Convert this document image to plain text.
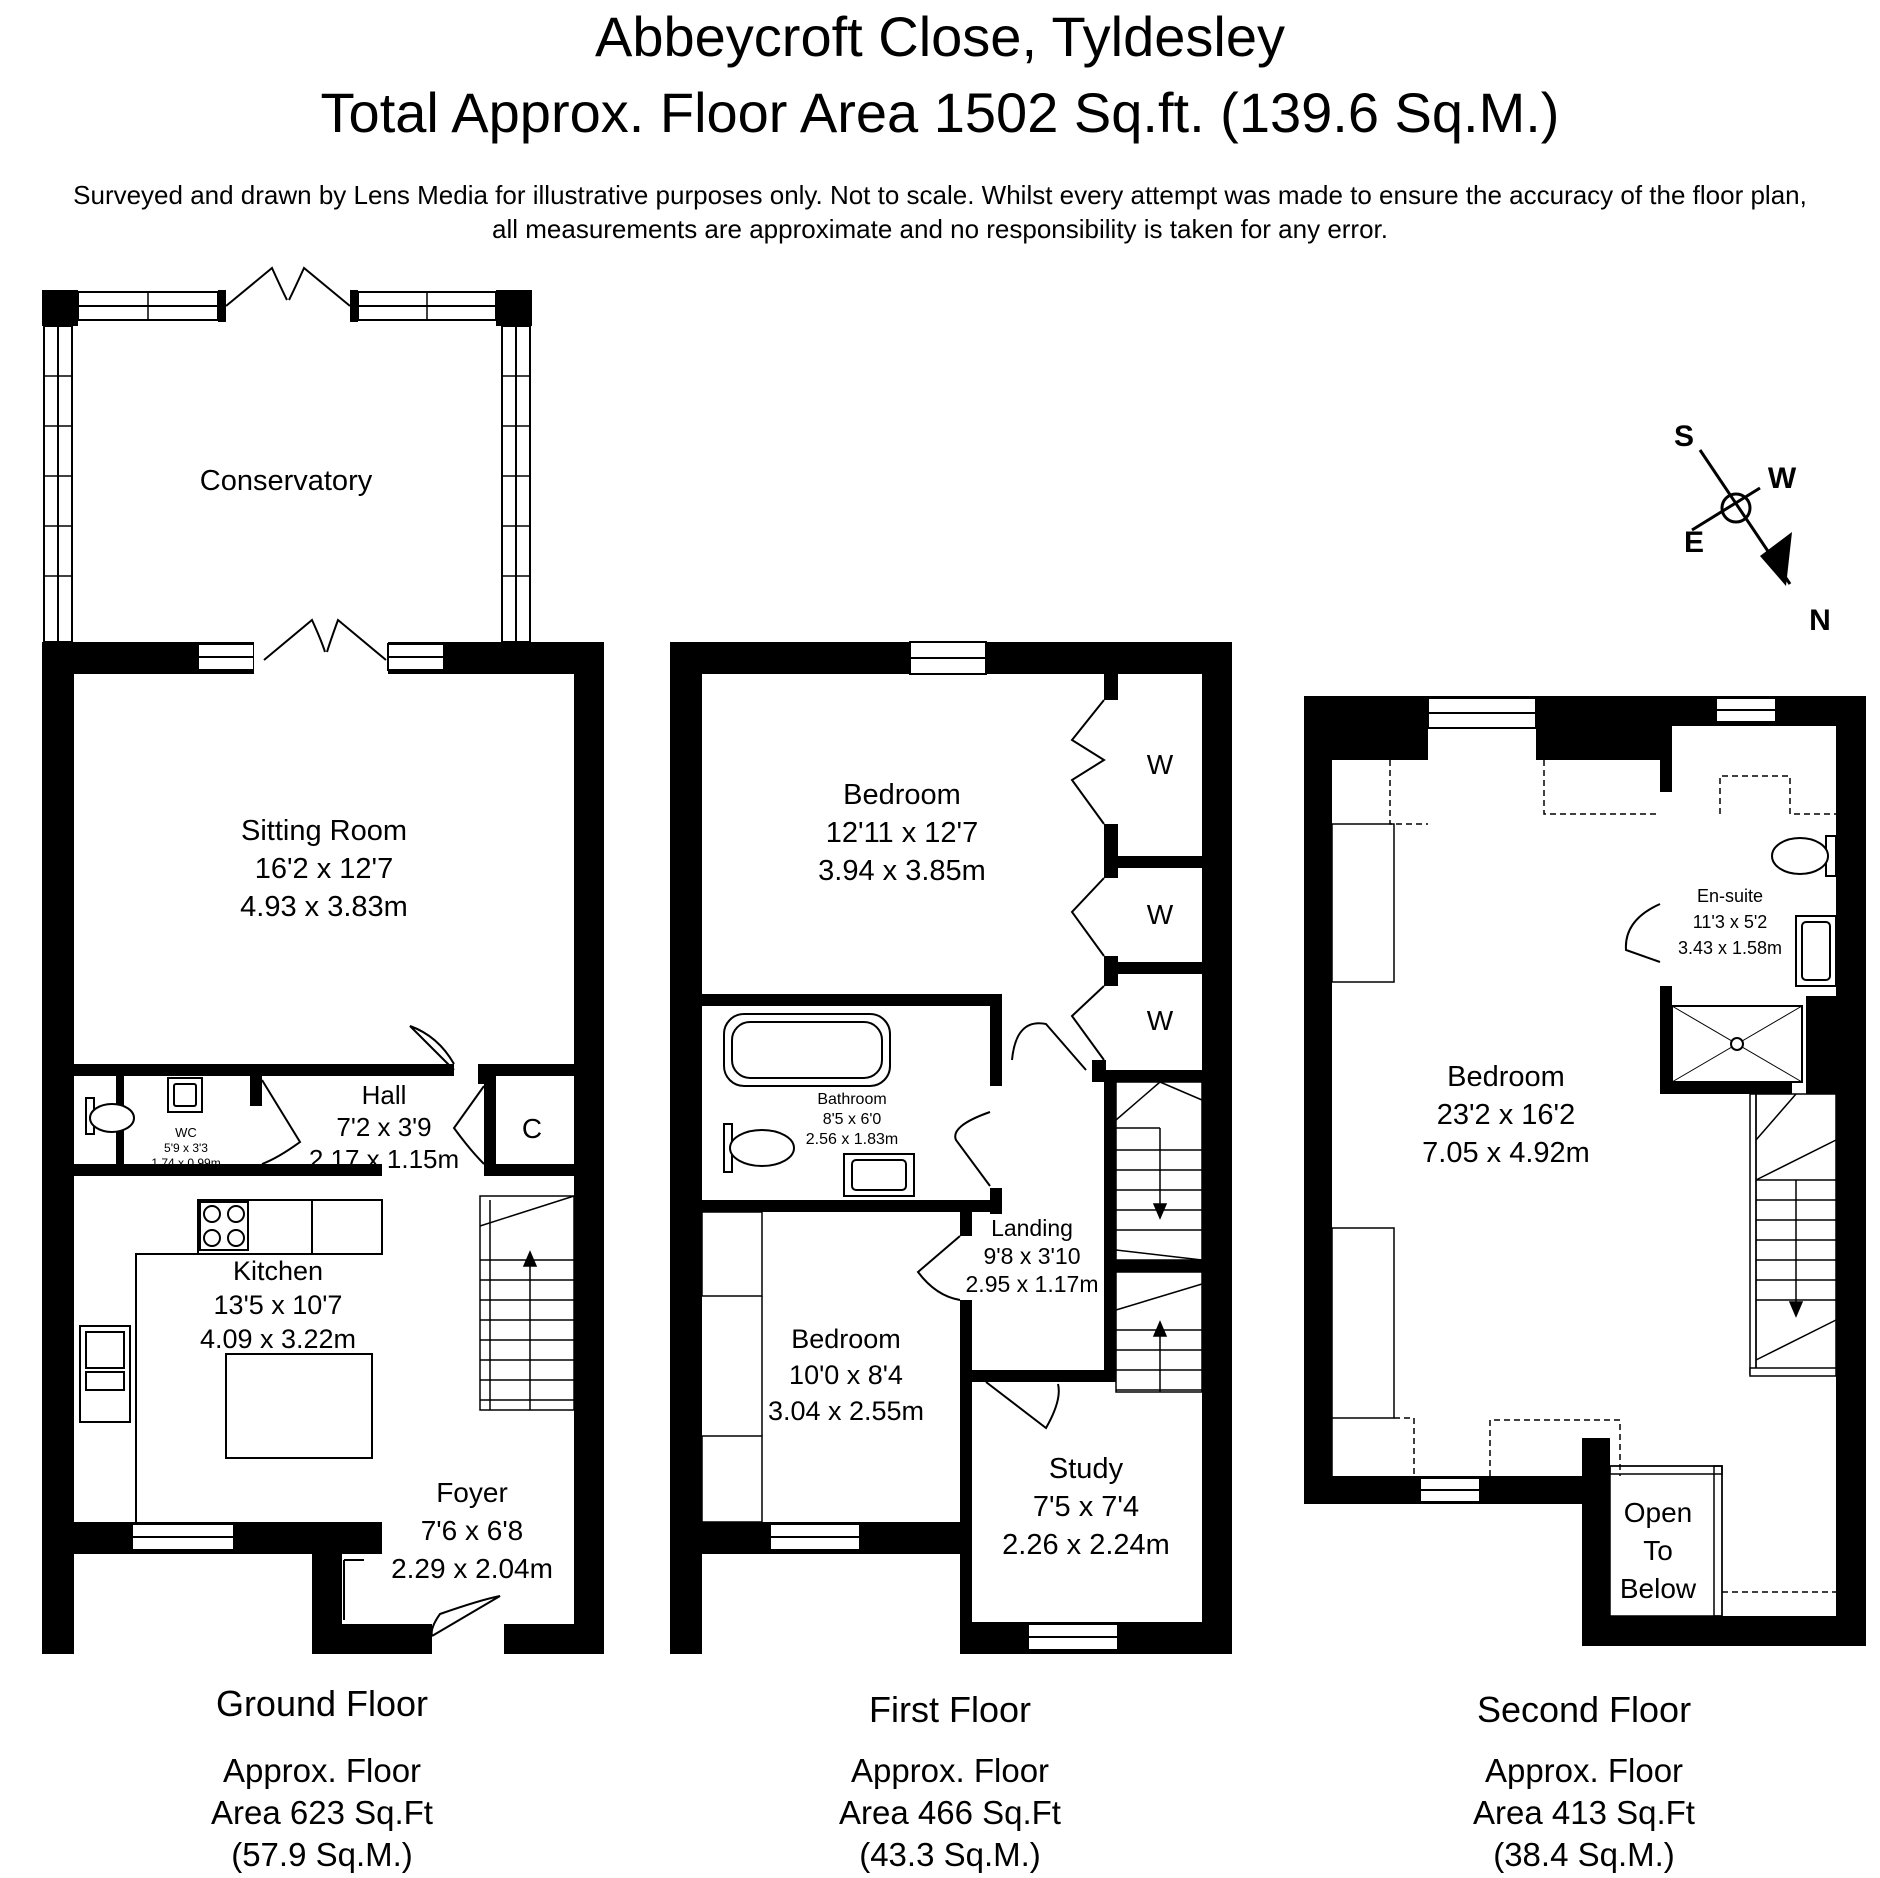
Abbeycroft Close, Tyldesley
Total Approx. Floor Area 1502 Sq.ft. (139.6 Sq.M.)
Surveyed and drawn by Lens Media for illustrative purposes only. Not to scale. Whilst every attempt was made to ensure the accuracy of the floor plan,
all measurements are approximate and no responsibility is taken for any error.
S
W
E
N
Conservatory
Sitting Room
16'2 x 12'7
4.93 x 3.83m
WC
5'9 x 3'3
1.74 x 0.99m
Hall
7'2 x 3'9
2.17 x 1.15m
C
Kitchen
13'5 x 10'7
4.09 x 3.22m
Foyer
7'6 x 6'8
2.29 x 2.04m
Ground Floor
Approx. Floor
Area 623 Sq.Ft
(57.9 Sq.M.)
Bedroom
12'11 x 12'7
3.94 x 3.85m
W
W
W
Bathroom
8'5 x 6'0
2.56 x 1.83m
Landing
9'8 x 3'10
2.95 x 1.17m
Bedroom
10'0 x 8'4
3.04 x 2.55m
Study
7'5 x 7'4
2.26 x 2.24m
First Floor
Approx. Floor
Area 466 Sq.Ft
(43.3 Sq.M.)
Bedroom
23'2 x 16'2
7.05 x 4.92m
En-suite
11'3 x 5'2
3.43 x 1.58m
Open
To
Below
Second Floor
Approx. Floor
Area 413 Sq.Ft
(38.4 Sq.M.)
